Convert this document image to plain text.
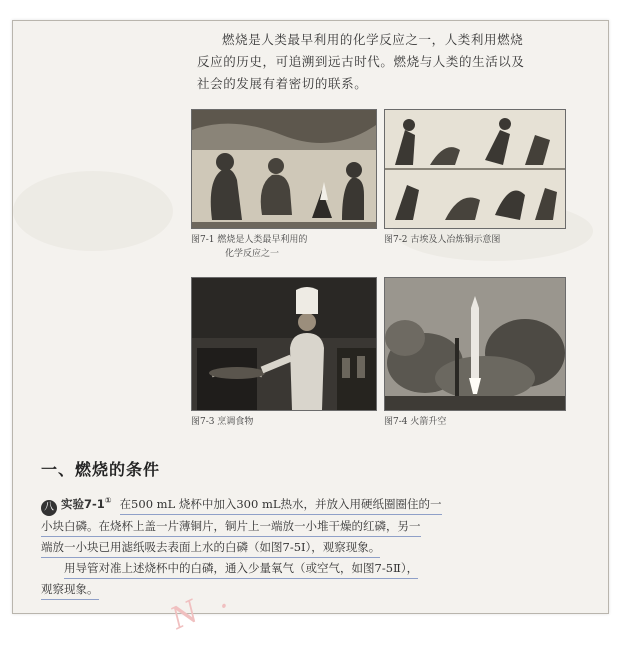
燃烧是人类最早利用的化学反应之一，人类利用燃烧
反应的历史，可追溯到远古时代。燃烧与人类的生活以及
社会的发展有着密切的联系。
图7-1 燃烧是人类最早利用的
化学反应之一
图7-2 古埃及人冶炼铜示意图
图7-3 烹调食物	图7-4 火箭升空
一、燃烧的条件
八 实验7-1① 在500 mL 烧杯中加入300 mL热水，并放入用硬纸圈圈住的一
小块白磷。在烧杯上盖一片薄铜片，铜片上一端放一小堆干燥的红磷，另一
端放一小块已用滤纸吸去表面上水的白磷（如图7-5Ⅰ），观察现象。
用导管对准上述烧杯中的白磷，通入少量氧气（或空气，如图7-5Ⅱ），
观察现象。	N .
